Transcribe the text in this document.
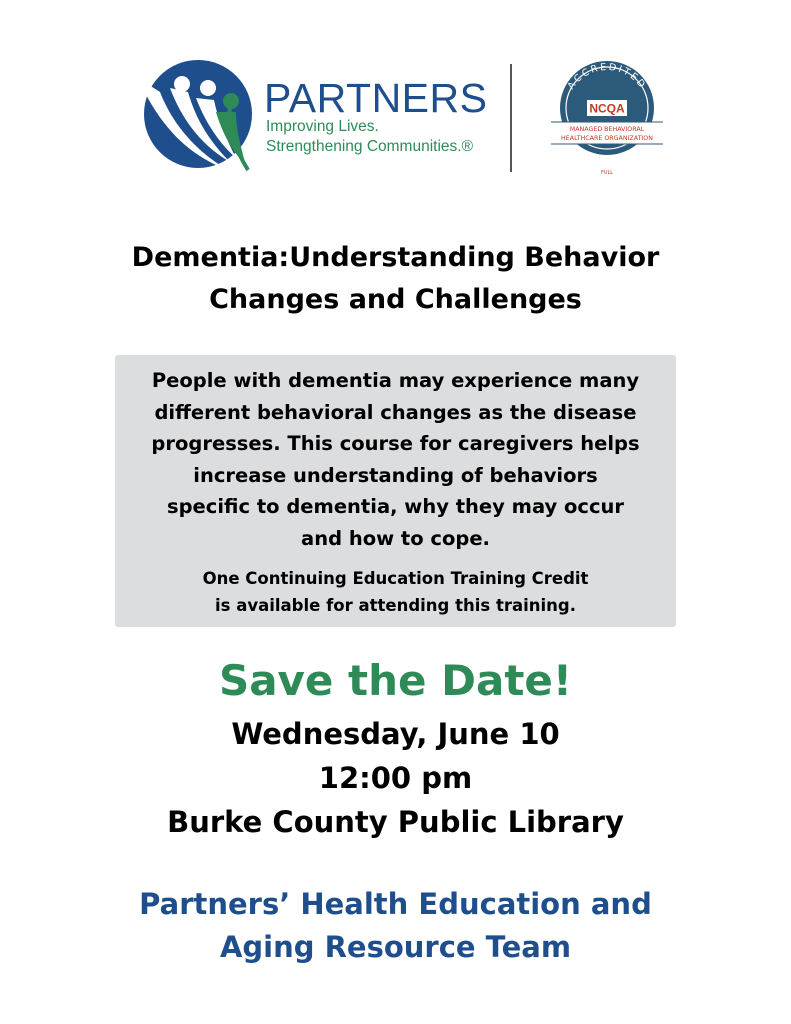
PARTNERS
Improving Lives.
Strengthening Communities.®
ACCREDITED
NCQA
MANAGED BEHAVIORAL
HEALTHCARE ORGANIZATION
FULL
Dementia:Understanding Behavior
Changes and Challenges
People with dementia may experience many
different behavioral changes as the disease
progresses. This course for caregivers helps
increase understanding of behaviors
specific to dementia, why they may occur
and how to cope.
One Continuing Education Training Credit
is available for attending this training.
Save the Date!
Wednesday, June 10
12:00 pm
Burke County Public Library
Partners’ Health Education and
Aging Resource Team
